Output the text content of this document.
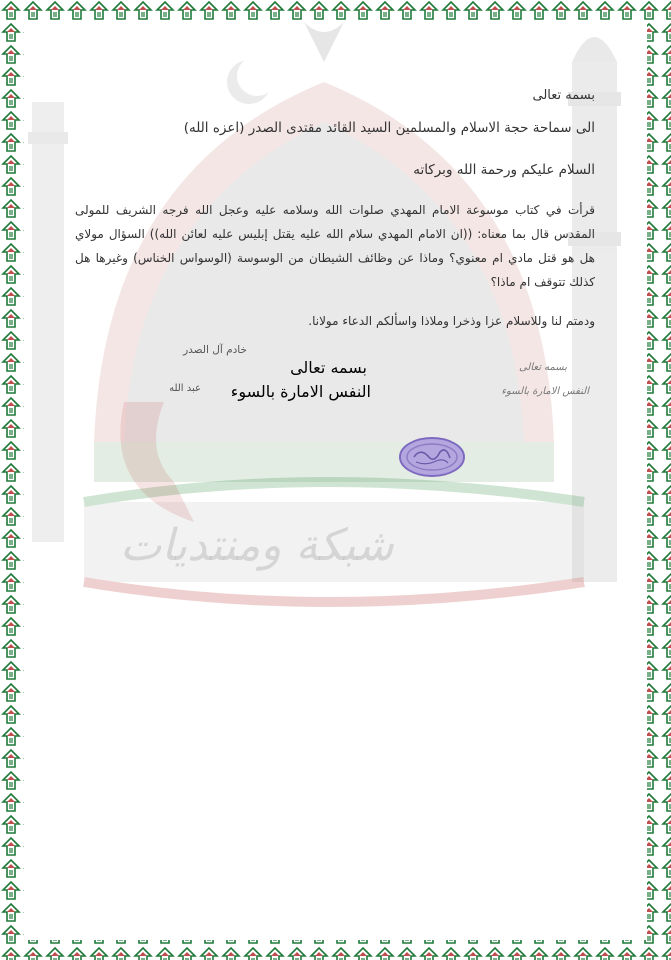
شبكة ومنتديات
بسمه تعالى
الى سماحة حجة الاسلام والمسلمين السيد القائد مقتدى الصدر (اعزه الله)
السلام عليكم ورحمة الله وبركاته
قرأت في كتاب موسوعة الامام المهدي صلوات الله وسلامه عليه وعجل الله فرجه الشريف للمولى المقدس قال بما معناه: ((ان الامام المهدي سلام الله عليه يقتل إبليس عليه لعائن الله)) السؤال مولاي هل هو قتل مادي ام معنوي؟ وماذا عن وظائف الشيطان من الوسوسة (الوسواس الخناس) وغيرها هل كذلك تتوقف ام ماذا؟
ودمتم لنا وللاسلام عزا وذخرا وملاذا واسألكم الدعاء مولانا.
خادم آل الصدر
عبد الله
بسمه تعالى
النفس الامارة بالسوء
بسمه تعالى
النفس الامارة بالسوء
